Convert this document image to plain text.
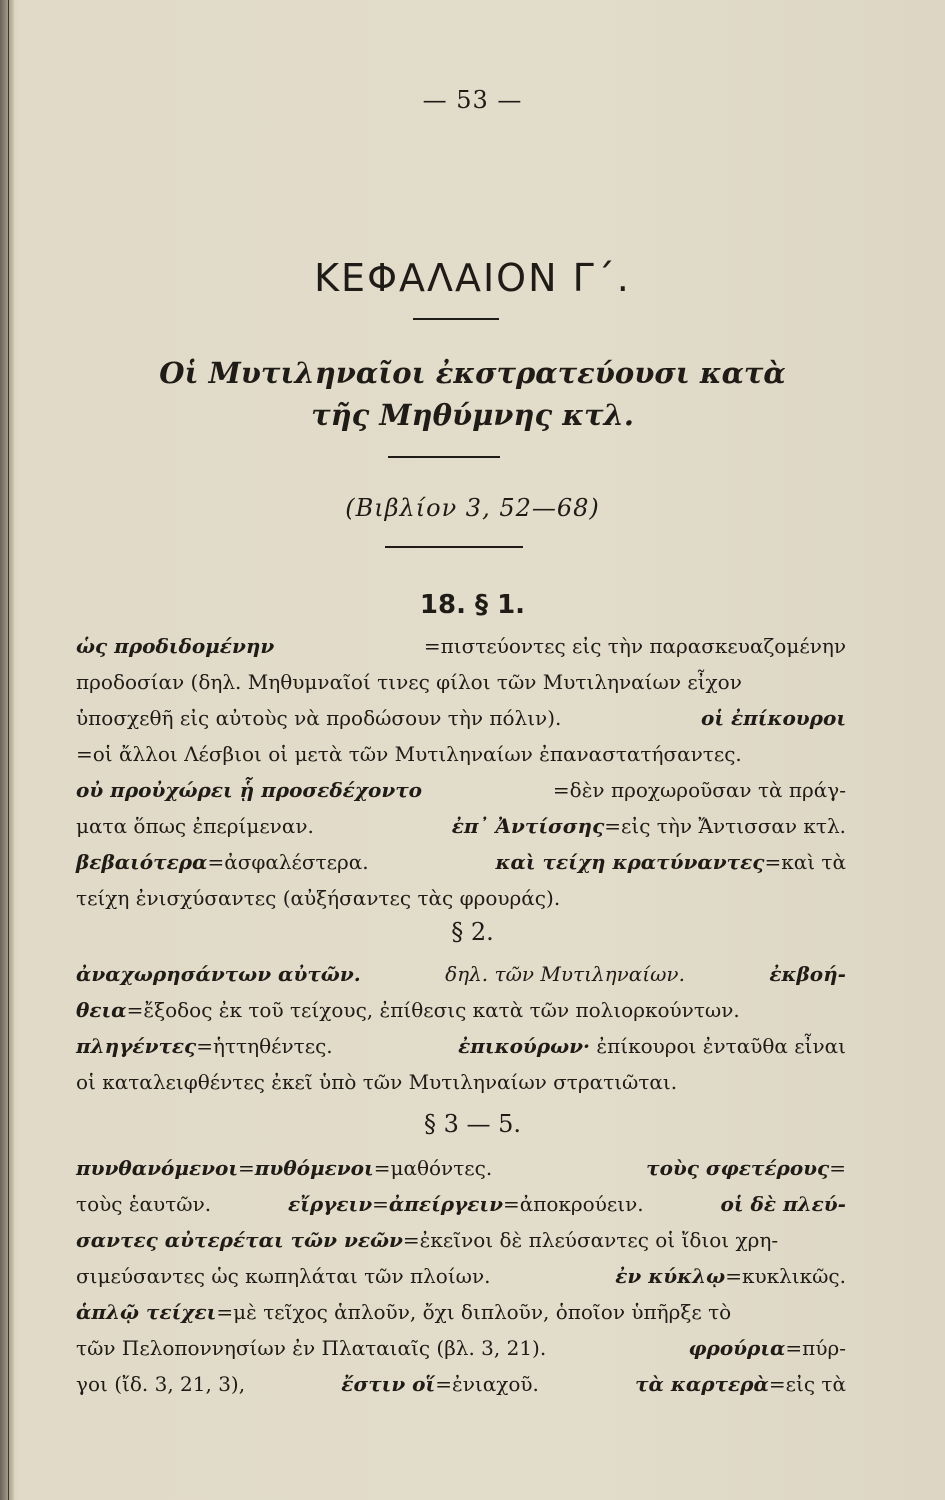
— 53 —
ΚΕΦΑΛΑΙΟΝ Γ΄.
Οἱ Μυτιληναῖοι ἐκστρατεύουσι κατὰ
τῆς Μηθύμνης κτλ.
(Βιβλίον 3, 52—68)
18. § 1.
ὡς προδιδομένην	=πιστεύοντες εἰς τὴν παρασκευαζομένην
προδοσίαν (δηλ. Μηθυμναῖοί τινες φίλοι τῶν Μυτιληναίων εἶχον
ὑποσχεθῆ εἰς αὐτοὺς νὰ προδώσουν τὴν πόλιν).	οἱ ἐπίκουροι
=οἱ ἄλλοι Λέσβιοι οἱ μετὰ τῶν Μυτιληναίων ἐπαναστατήσαντες.
οὐ προὐχώρει ᾗ προσεδέχοντο	=δὲν προχωροῦσαν τὰ πράγ-
ματα ὅπως ἐπερίμεναν.	ἐπ᾽ Ἀντίσσης=εἰς τὴν Ἄντισσαν κτλ.
βεβαιότερα=ἀσφαλέστερα.	καὶ τείχη κρατύναντες=καὶ τὰ
τείχη ἐνισχύσαντες (αὐξήσαντες τὰς φρουράς).
§ 2.
ἀναχωρησάντων αὐτῶν.	δηλ. τῶν Μυτιληναίων.	ἐκβοή-
θεια=ἔξοδος ἐκ τοῦ τείχους, ἐπίθεσις κατὰ τῶν πολιορκούντων.
πληγέντες=ἡττηθέντες.	ἐπικούρων· ἐπίκουροι ἐνταῦθα εἶναι
οἱ καταλειφθέντες ἐκεῖ ὑπὸ τῶν Μυτιληναίων στρατιῶται.
§ 3 — 5.
πυνθανόμενοι=πυθόμενοι=μαθόντες.	τοὺς σφετέρους=
τοὺς ἑαυτῶν.	εἴργειν=ἀπείργειν=ἀποκρούειν.	οἱ δὲ πλεύ-
σαντες αὐτερέται τῶν νεῶν=ἐκεῖνοι δὲ πλεύσαντες οἱ ἴδιοι χρη-
σιμεύσαντες ὡς κωπηλάται τῶν πλοίων.	ἐν κύκλῳ=κυκλικῶς.
ἁπλῷ τείχει=μὲ τεῖχος ἁπλοῦν, ὄχι διπλοῦν, ὁποῖον ὑπῆρξε τὸ
τῶν Πελοποννησίων ἐν Πλαταιαῖς (βλ. 3, 21).	φρούρια=πύρ-
γοι (ἴδ. 3, 21, 3),	ἔστιν οἵ=ἐνιαχοῦ.	τὰ καρτερὰ=εἰς τὰ
